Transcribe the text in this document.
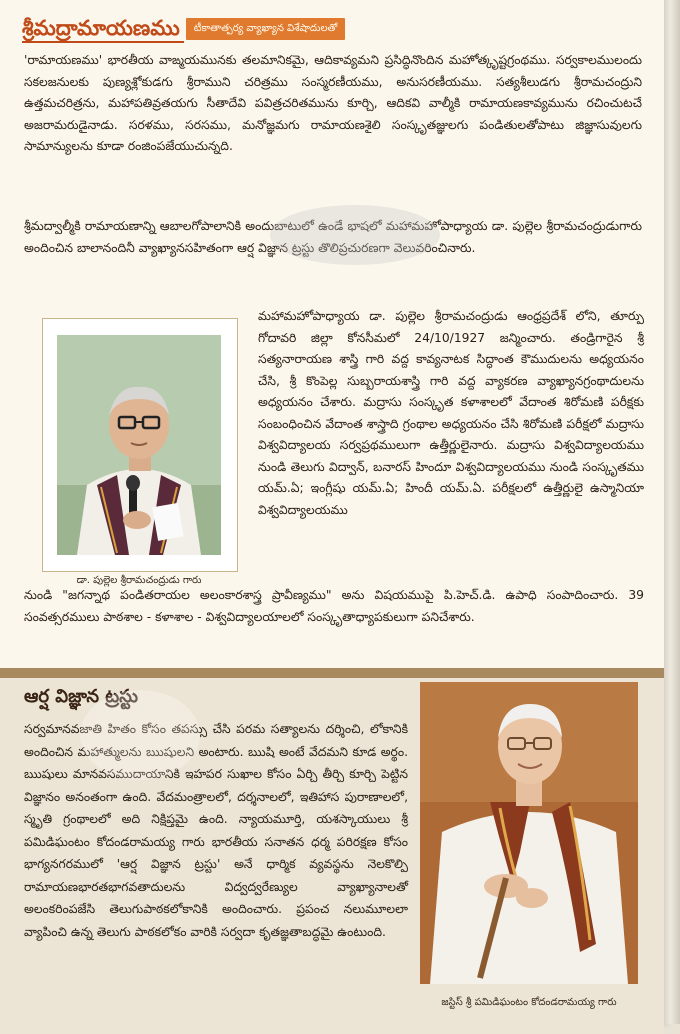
శ్రీమద్రామాయణము	టీకాతాత్పర్య వ్యాఖ్యాన విశేషాదులతో
'రామాయణము' భారతీయ వాఙ్మయమునకు తలమానికమై, ఆదికావ్యమని ప్రసిద్ధినొందిన మహోత్కృష్టగ్రంథము. సర్వకాలములందు సకలజనులకు పుణ్యశ్లోకుడగు శ్రీరాముని చరిత్రము సంస్మరణీయము, అనుసరణీయము. సత్యశీలుడగు శ్రీరామచంద్రుని ఉత్తమచరిత్రను, మహాపతివ్రతయగు సీతాదేవి పవిత్రచరితమును కూర్చి, ఆదికవి వాల్మీకి రామాయణకావ్యమును రచించుటచే అజరామరుడైనాడు. సరళము, సరసము, మనోజ్ఞమగు రామాయణశైలి సంస్కృతజ్ఞులగు పండితులతోపాటు జిజ్ఞాసువులగు సామాన్యులను కూడా రంజింపజేయుచున్నది.
శ్రీమద్వాల్మీకి రామాయణాన్ని ఆబాలగోపాలానికి అందుబాటులో ఉండే భాషలో మహామహోపాధ్యాయ డా. పుల్లెల శ్రీరామచంద్రుడుగారు అందించిన బాలానందినీ వ్యాఖ్యానసహితంగా ఆర్ష విజ్ఞాన ట్రస్టు తొలిప్రచురణగా వెలువరించినారు.
డా. పుల్లెల శ్రీరామచంద్రుడు గారు
మహామహోపాధ్యాయ డా. పుల్లెల శ్రీరామచంద్రుడు ఆంధ్రప్రదేశ్ లోని, తూర్పు గోదావరి జిల్లా కోనసీమలో 24/10/1927 జన్మించారు. తండ్రిగారైన శ్రీ సత్యనారాయణ శాస్త్రి గారి వద్ద కావ్యనాటక సిద్ధాంత కౌముదులను అధ్యయనం చేసి, శ్రీ కొంపెల్ల సుబ్బరాయశాస్త్రి గారి వద్ద వ్యాకరణ వ్యాఖ్యానగ్రంథాదులను అధ్యయనం చేశారు. మద్రాసు సంస్కృత కళాశాలలో వేదాంత శిరోమణి పరీక్షకు సంబంధించిన వేదాంత శాస్త్రాది గ్రంథాల అధ్యయనం చేసి శిరోమణి పరీక్షలో మద్రాసు విశ్వవిద్యాలయ సర్వప్రథములుగా ఉత్తీర్ణులైనారు. మద్రాసు విశ్వవిద్యాలయము నుండి తెలుగు విద్వాన్, బనారస్ హిందూ విశ్వవిద్యాలయము నుండి సంస్కృతము యమ్.ఏ; ఇంగ్లీషు యమ్.ఏ; హిందీ యమ్.ఏ. పరీక్షలలో ఉత్తీర్ణులై ఉస్మానియా విశ్వవిద్యాలయము
నుండి "జగన్నాథ పండితరాయల అలంకారశాస్త్ర ప్రావీణ్యము" అను విషయముపై పి.హెచ్.డి. ఉపాధి సంపాదించారు. 39 సంవత్సరములు పాఠశాల - కళాశాల - విశ్వవిద్యాలయాలలో సంస్కృతాధ్యాపకులుగా పనిచేశారు.
ఆర్ష విజ్ఞాన ట్రస్టు
సర్వమానవజాతి హితం కోసం తపస్సు చేసి పరమ సత్యాలను దర్శించి, లోకానికి అందించిన మహాత్ములను ఋషులని అంటారు. ఋషి అంటే వేదమని కూడ అర్థం. ఋషులు మానవసముదాయానికి ఇహపర సుఖాల కోసం ఏర్చి తీర్చి కూర్చి పెట్టిన విజ్ఞానం అనంతంగా ఉంది. వేదమంత్రాలలో, దర్శనాలలో, ఇతిహాస పురాణాలలో, స్మృతి గ్రంథాలలో అది నిక్షిప్తమై ఉంది. న్యాయమూర్తి, యశస్కాయులు శ్రీ పమిడిఘంటం కోదండరామయ్య గారు భారతీయ సనాతన ధర్మ పరిరక్షణ కోసం భాగ్యనగరములో 'ఆర్ష విజ్ఞాన ట్రస్టు' అనే ధార్మిక వ్యవస్థను నెలకొల్పి రామాయణభారతభాగవతాదులను విద్వద్వరేణ్యుల వ్యాఖ్యానాలతో అలంకరింపజేసి తెలుగుపాఠకలోకానికి అందించారు. ప్రపంచ నలుమూలలా వ్యాపించి ఉన్న తెలుగు పాఠకలోకం వారికి సర్వదా కృతజ్ఞతాబద్ధమై ఉంటుంది.
జస్టిస్ శ్రీ పమిడిఘంటం కోదండరామయ్య గారు
